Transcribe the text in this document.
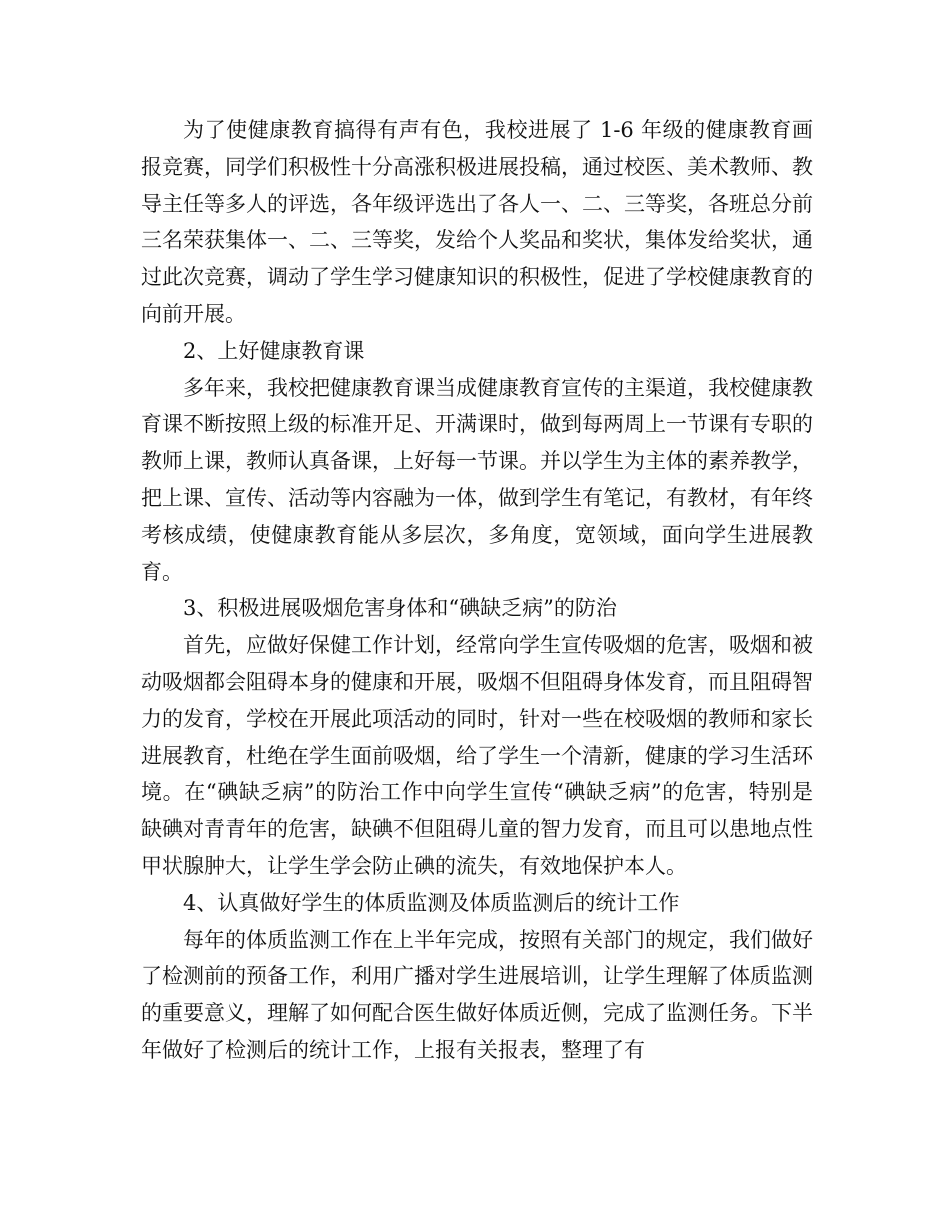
为了使健康教育搞得有声有色，我校进展了 1-6 年级的健康教育画报竞赛，同学们积极性十分高涨积极进展投稿，通过校医、美术教师、教导主任等多人的评选，各年级评选出了各人一、二、三等奖，各班总分前三名荣获集体一、二、三等奖，发给个人奖品和奖状，集体发给奖状，通过此次竞赛，调动了学生学习健康知识的积极性，促进了学校健康教育的向前开展。

2、上好健康教育课

多年来，我校把健康教育课当成健康教育宣传的主渠道，我校健康教育课不断按照上级的标准开足、开满课时，做到每两周上一节课有专职的教师上课，教师认真备课，上好每一节课。并以学生为主体的素养教学，把上课、宣传、活动等内容融为一体，做到学生有笔记，有教材，有年终考核成绩，使健康教育能从多层次，多角度，宽领域，面向学生进展教育。

3、积极进展吸烟危害身体和“碘缺乏病”的防治

首先，应做好保健工作计划，经常向学生宣传吸烟的危害，吸烟和被动吸烟都会阻碍本身的健康和开展，吸烟不但阻碍身体发育，而且阻碍智力的发育，学校在开展此项活动的同时，针对一些在校吸烟的教师和家长进展教育，杜绝在学生面前吸烟，给了学生一个清新，健康的学习生活环境。在“碘缺乏病”的防治工作中向学生宣传“碘缺乏病”的危害，特别是缺碘对青青年的危害，缺碘不但阻碍儿童的智力发育，而且可以患地点性甲状腺肿大，让学生学会防止碘的流失，有效地保护本人。

4、认真做好学生的体质监测及体质监测后的统计工作

每年的体质监测工作在上半年完成，按照有关部门的规定，我们做好了检测前的预备工作，利用广播对学生进展培训，让学生理解了体质监测的重要意义，理解了如何配合医生做好体质近侧，完成了监测任务。下半年做好了检测后的统计工作，上报有关报表，整理了有
